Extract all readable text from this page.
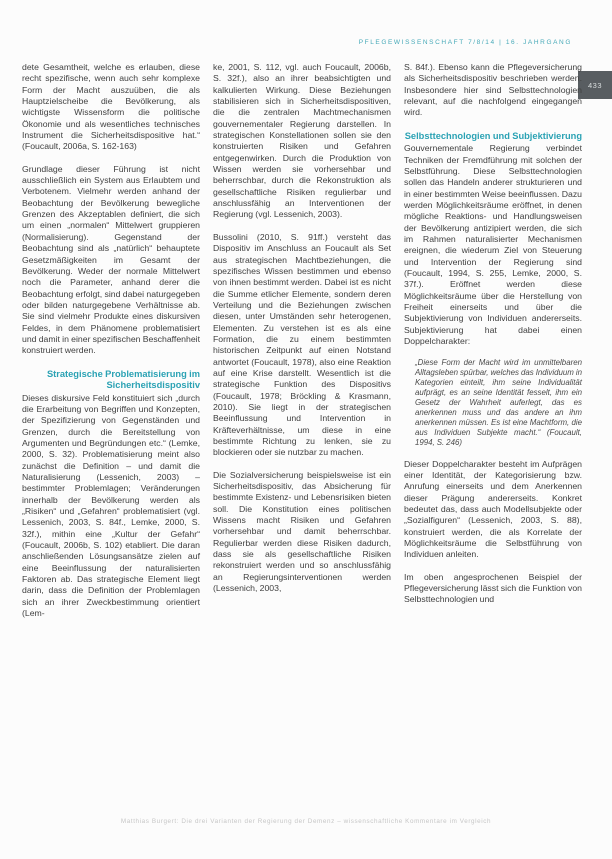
PFLEGEWISSENSCHAFT 7/8/14 | 16. JAHRGANG
433

dete Gesamtheit, welche es erlauben, diese recht spezifische, wenn auch sehr komplexe Form der Macht auszuüben, die als Hauptzielscheibe die Bevölkerung, als wichtigste Wissensform die politische Ökonomie und als wesentliches technisches Instrument die Sicherheitsdispositive hat.“ (Foucault, 2006a, S. 162-163)

Grundlage dieser Führung ist nicht ausschließlich ein System aus Erlaubtem und Verbotenem. Vielmehr werden anhand der Beobachtung der Bevölkerung bewegliche Grenzen des Akzeptablen definiert, die sich um einen „normalen“ Mittelwert gruppieren (Normalisierung). Gegenstand der Beobachtung sind als „natürlich“ behauptete Gesetzmäßigkeiten im Gesamt der Bevölkerung. Weder der normale Mittelwert noch die Parameter, anhand derer die Beobachtung erfolgt, sind dabei naturgegeben oder bilden naturgegebene Verhältnisse ab. Sie sind vielmehr Produkte eines diskursiven Feldes, in dem Phänomene problematisiert und damit in einer spezifischen Beschaffenheit konstruiert werden.

Strategische Problematisierung im Sicherheitsdispositiv

Dieses diskursive Feld konstituiert sich „durch die Erarbeitung von Begriffen und Konzepten, der Spezifizierung von Gegenständen und Grenzen, durch die Bereitstellung von Argumenten und Begründungen etc.“ (Lemke, 2000, S. 32). Problematisierung meint also zunächst die Definition – und damit die Naturalisierung (Lessenich, 2003) – bestimmter Problemlagen; Veränderungen innerhalb der Bevölkerung werden als „Risiken“ und „Gefahren“ problematisiert (vgl. Lessenich, 2003, S. 84f., Lemke, 2000, S. 32f.), mithin eine „Kultur der Gefahr“ (Foucault, 2006b, S. 102) etabliert. Die daran anschließenden Lösungsansätze zielen auf eine Beeinflussung der naturalisierten Faktoren ab. Das strategische Element liegt darin, dass die Definition der Problemlagen sich an ihrer Zweckbestimmung orientiert (Lem-

ke, 2001, S. 112, vgl. auch Foucault, 2006b, S. 32f.), also an ihrer beabsichtigten und kalkulierten Wirkung. Diese Beziehungen stabilisieren sich in Sicherheitsdispositiven, die die zentralen Machtmechanismen gouvernementaler Regierung darstellen. In strategischen Konstellationen sollen sie den konstruierten Risiken und Gefahren entgegenwirken. Durch die Produktion von Wissen werden sie vorhersehbar und beherrschbar, durch die Rekonstruktion als gesellschaftliche Risiken regulierbar und anschlussfähig an Interventionen der Regierung (vgl. Lessenich, 2003).

Bussolini (2010, S. 91ff.) versteht das Dispositiv im Anschluss an Foucault als Set aus strategischen Machtbeziehungen, die spezifisches Wissen bestimmen und ebenso von ihnen bestimmt werden. Dabei ist es nicht die Summe etlicher Elemente, sondern deren Verteilung und die Beziehungen zwischen diesen, unter Umständen sehr heterogenen, Elementen. Zu verstehen ist es als eine Formation, die zu einem bestimmten historischen Zeitpunkt auf einen Notstand antwortet (Foucault, 1978), also eine Reaktion auf eine Krise darstellt. Wesentlich ist die strategische Funktion des Dispositivs (Foucault, 1978; Bröckling & Krasmann, 2010). Sie liegt in der strategischen Beeinflussung und Intervention in Kräfteverhältnisse, um diese in eine bestimmte Richtung zu lenken, sie zu blockieren oder sie nutzbar zu machen.

Die Sozialversicherung beispielsweise ist ein Sicherheitsdispositiv, das Absicherung für bestimmte Existenz- und Lebensrisiken bieten soll. Die Konstitution eines politischen Wissens macht Risiken und Gefahren vorhersehbar und damit beherrschbar. Regulierbar werden diese Risiken dadurch, dass sie als gesellschaftliche Risiken rekonstruiert werden und so anschlussfähig an Regierungsinterventionen werden (Lessenich, 2003,

S. 84f.). Ebenso kann die Pflegeversicherung als Sicherheitsdispositiv beschrieben werden. Insbesondere hier sind Selbsttechnologien relevant, auf die nachfolgend eingegangen wird.

Selbsttechnologien und Subjektivierung

Gouvernementale Regierung verbindet Techniken der Fremdführung mit solchen der Selbstführung. Diese Selbsttechnologien sollen das Handeln anderer strukturieren und in einer bestimmten Weise beeinflussen. Dazu werden Möglichkeitsräume eröffnet, in denen mögliche Reaktions- und Handlungsweisen der Bevölkerung antizipiert werden, die sich im Rahmen naturalisierter Mechanismen ereignen, die wiederum Ziel von Steuerung und Intervention der Regierung sind (Foucault, 1994, S. 255, Lemke, 2000, S. 37f.). Eröffnet werden diese Möglichkeitsräume über die Herstellung von Freiheit einerseits und über die Subjektivierung von Individuen andererseits. Subjektivierung hat dabei einen Doppelcharakter:

„Diese Form der Macht wird im unmittelbaren Alltagsleben spürbar, welches das Individuum in Kategorien einteilt, ihm seine Individualität aufprägt, es an seine Identität fesselt, ihm ein Gesetz der Wahrheit auferlegt, das es anerkennen muss und das andere an ihm anerkennen müssen. Es ist eine Machtform, die aus Individuen Subjekte macht.“ (Foucault, 1994, S. 246)

Dieser Doppelcharakter besteht im Aufprägen einer Identität, der Kategorisierung bzw. Anrufung einerseits und dem Anerkennen dieser Prägung andererseits. Konkret bedeutet das, dass auch Modellsubjekte oder „Sozialfiguren“ (Lessenich, 2003, S. 88), konstruiert werden, die als Korrelate der Möglichkeitsräume die Selbstführung von Individuen anleiten.

Im oben angesprochenen Beispiel der Pflegeversicherung lässt sich die Funktion von Selbsttechnologien und

Matthias Burgert: Die drei Varianten der Regierung der Demenz – wissenschaftliche Kommentare im Vergleich
